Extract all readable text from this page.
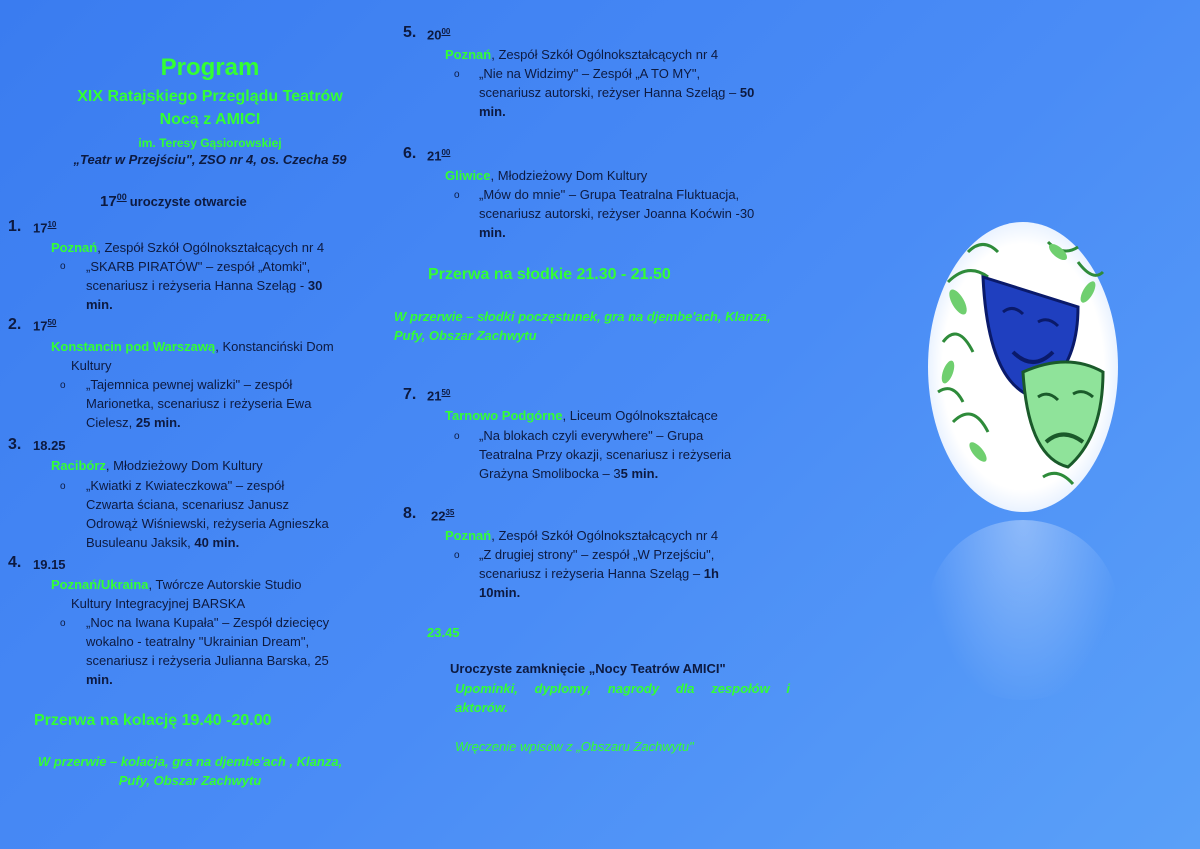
Program
XIX Ratajskiego Przeglądu Teatrów
Nocą z AMICI
im. Teresy Gąsiorowskiej
„Teatr w Przejściu", ZSO nr 4, os. Czecha 59
$17^{00}$ uroczyste otwarcie
1. $17^{10}$
Poznań, Zespół Szkół Ogólnokształcących nr 4
o „SKARB PIRATÓW" – zespół „Atomki",
scenariusz i reżyseria Hanna Szeląg - 30
min.
2. $17^{50}$
Konstancin pod Warszawą, Konstanciński Dom
Kultury
o „Tajemnica pewnej walizki" – zespół
Marionetka, scenariusz i reżyseria Ewa
Cielesz, 25 min.
3. 18.25
Racibórz, Młodzieżowy Dom Kultury
o „Kwiatki z Kwiateczkowa" – zespół
Czwarta ściana, scenariusz Janusz
Odrowąż Wiśniewski, reżyseria Agnieszka
Busuleanu Jaksik, 40 min.
4. 19.15
Poznań/Ukraina, Twórcze Autorskie Studio
Kultury Integracyjnej BARSKA
o „Noc na Iwana Kupała" – Zespół dziecięcy
wokalno - teatralny "Ukrainian Dream",
scenariusz i reżyseria Julianna Barska, 25
min.
Przerwa na kolację 19.40 -20.00
W przerwie – kolacja, gra na djembe'ach , Klanza,
Pufy, Obszar Zachwytu
5. $20^{00}$
Poznań, Zespół Szkół Ogólnokształcących nr 4
o „Nie na Widzimy" – Zespół „A TO MY",
scenariusz autorski, reżyser Hanna Szeląg – 50
min.
6. $21^{00}$
Gliwice, Młodzieżowy Dom Kultury
o „Mów do mnie" – Grupa Teatralna Fluktuacja,
scenariusz autorski, reżyser Joanna Koćwin -30
min.
Przerwa na słodkie 21.30 - 21.50
W przerwie – słodki poczęstunek, gra na djembe'ach, Klanza,
Pufy, Obszar Zachwytu
7. $21^{50}$
Tarnowo Podgórne, Liceum Ogólnokształcące
o „Na blokach czyli everywhere" – Grupa
Teatralna Przy okazji, scenariusz i reżyseria
Grażyna Smolibocka – 35 min.
8. $22^{35}$
Poznań, Zespół Szkół Ogólnokształcących nr 4
o „Z drugiej strony" – zespół „W Przejściu",
scenariusz i reżyseria Hanna Szeląg – 1h
10min.
23.45
Uroczyste zamknięcie „Nocy Teatrów AMICI"
Upominki, dyplomy, nagrody dla zespołów i
aktorów.
Wręczenie wpisów z „Obszaru Zachwytu"
